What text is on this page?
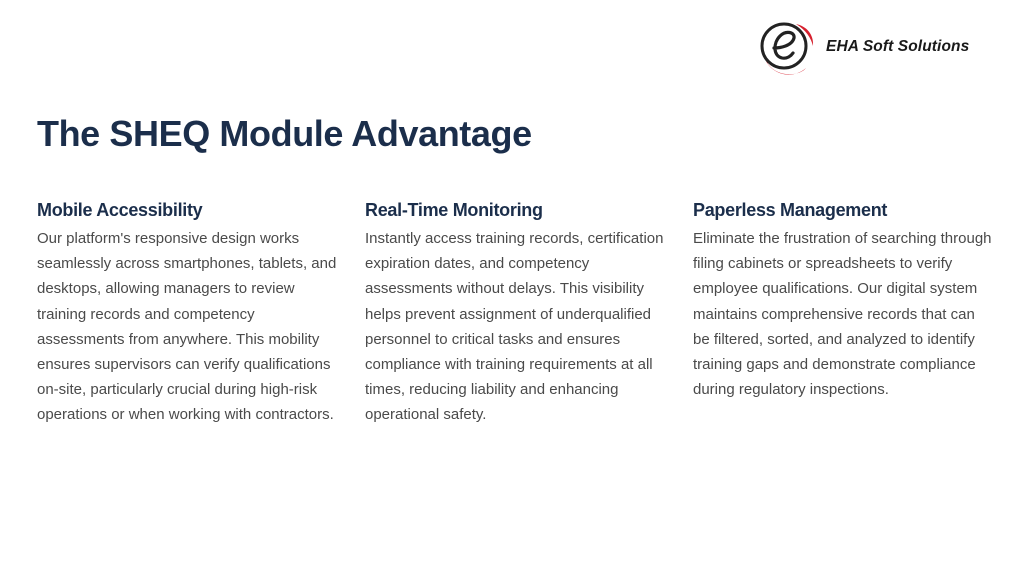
EHA Soft Solutions
The SHEQ Module Advantage
Mobile Accessibility

Our platform's responsive design works seamlessly across smartphones, tablets, and desktops, allowing managers to review training records and competency assessments from anywhere. This mobility ensures supervisors can verify qualifications on-site, particularly crucial during high-risk operations or when working with contractors.

Real-Time Monitoring

Instantly access training records, certification expiration dates, and competency assessments without delays. This visibility helps prevent assignment of underqualified personnel to critical tasks and ensures compliance with training requirements at all times, reducing liability and enhancing operational safety.

Paperless Management

Eliminate the frustration of searching through filing cabinets or spreadsheets to verify employee qualifications. Our digital system maintains comprehensive records that can be filtered, sorted, and analyzed to identify training gaps and demonstrate compliance during regulatory inspections.
